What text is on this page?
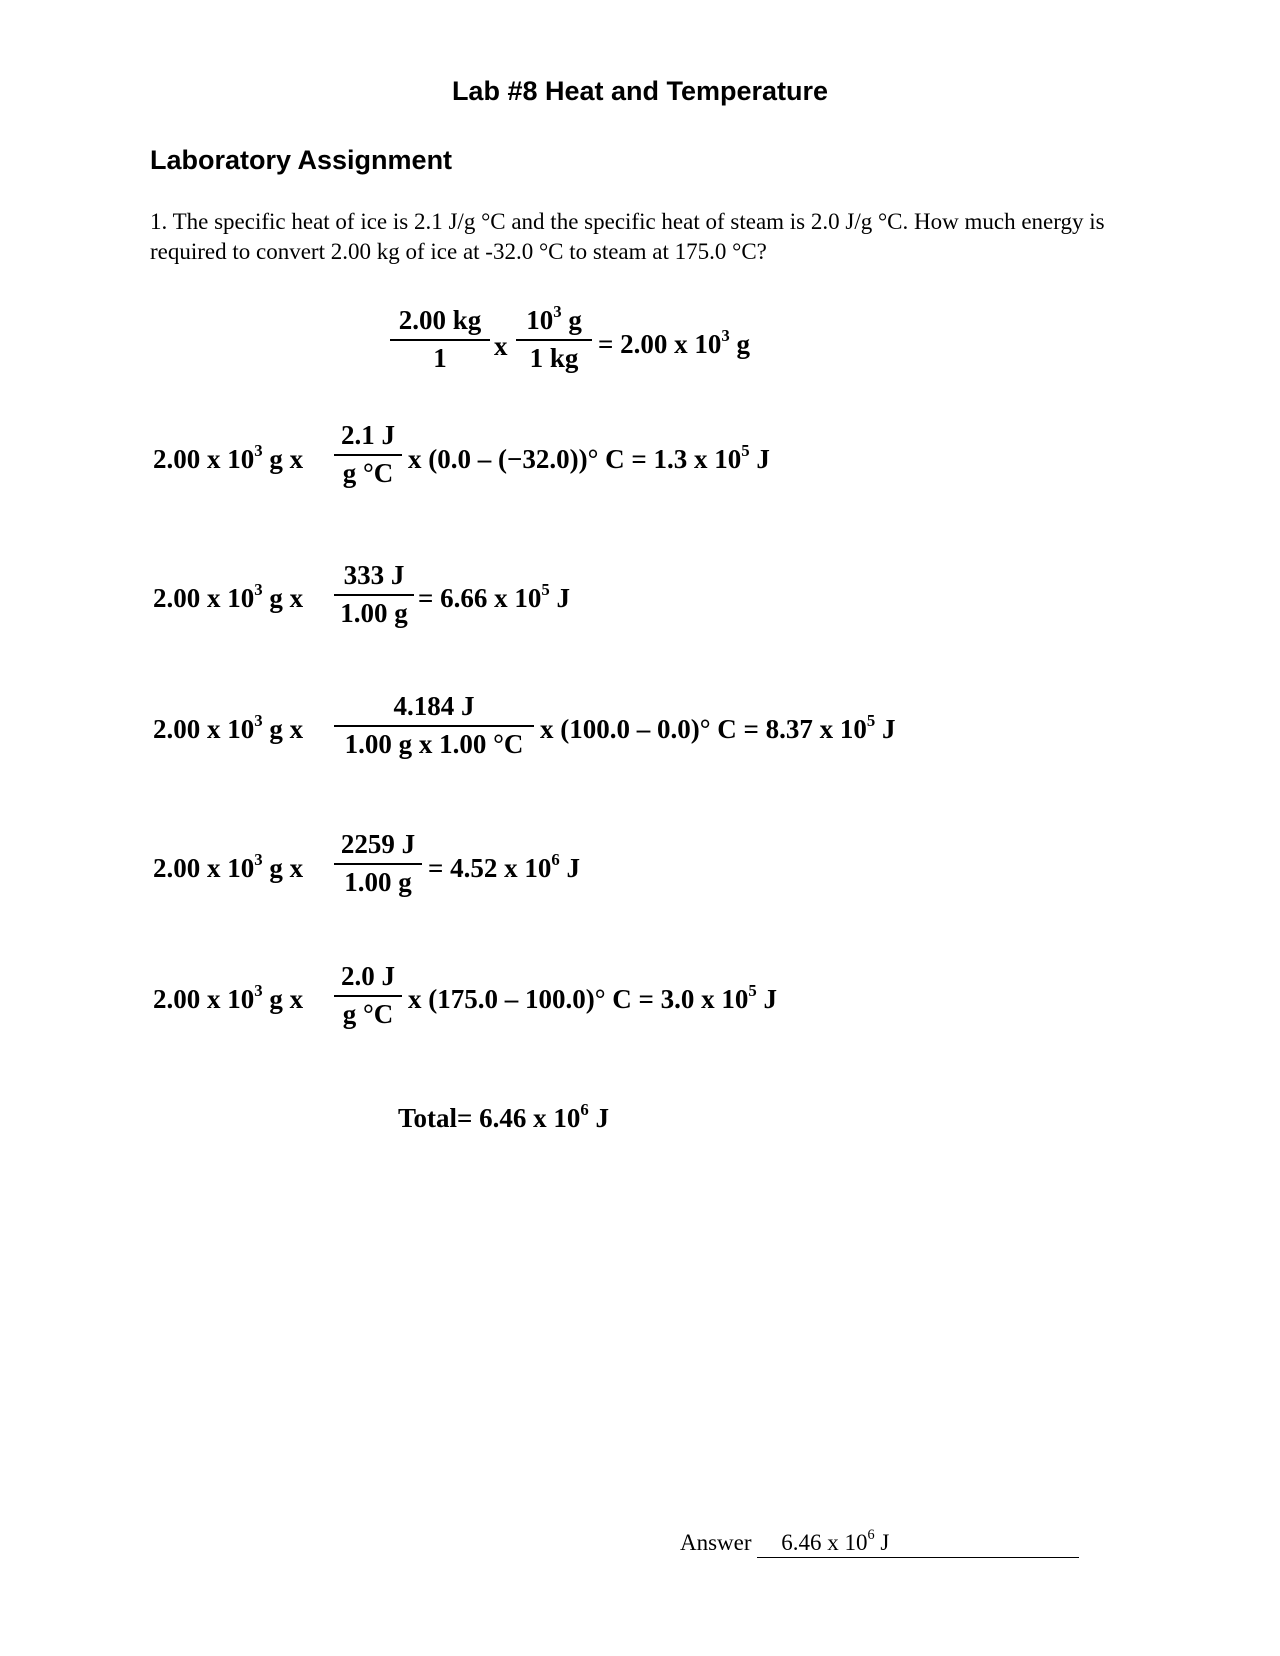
Lab #8 Heat and Temperature
Laboratory Assignment
1. The specific heat of ice is 2.1 J/g °C and the specific heat of steam is 2.0 J/g °C. How much energy is required to convert 2.00 kg of ice at -32.0 °C to steam at 175.0 °C?
2.00 kg
1	x
$10^3$ g
1 kg = 2.00 x $10^3$ g
2.00 x $10^3$ g x
2.1 J
g °C x (0.0 – (−32.0))° C = 1.3 x $10^5$ J
2.00 x $10^3$ g x
333 J
1.00 g = 6.66 x $10^5$ J
2.00 x $10^3$ g x
4.184 J
1.00 g x 1.00 °C x (100.0 – 0.0)° C = 8.37 x $10^5$ J
2.00 x $10^3$ g x
2259 J
1.00 g = 4.52 x $10^6$ J
2.00 x $10^3$ g x
2.0 J
g °C x (175.0 – 100.0)° C = 3.0 x $10^5$ J
Total= 6.46 x $10^6$ J
Answer 6.46 x $10^6$ J
